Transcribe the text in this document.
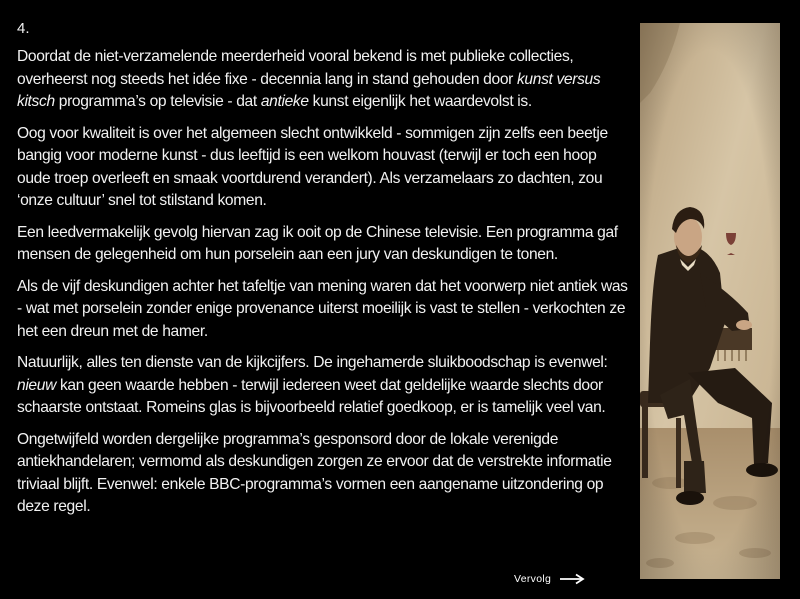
4.

Doordat de niet-verzamelende meerderheid vooral bekend is met publieke collecties, overheerst nog steeds het idée fixe - decennia lang in stand gehouden door kunst versus kitsch programma’s op televisie - dat antieke kunst eigenlijk het waardevolst is.

Oog voor kwaliteit is over het algemeen slecht ontwikkeld - sommigen zijn zelfs een beetje bangig voor moderne kunst - dus leeftijd is een welkom houvast (terwijl er toch een hoop oude troep overleeft en smaak voortdurend verandert). Als verzamelaars zo dachten, zou ‘onze cultuur’ snel tot stilstand komen.

Een leedvermakelijk gevolg hiervan zag ik ooit op de Chinese televisie. Een programma gaf mensen de gelegenheid om hun porselein aan een jury van deskundigen te tonen.

Als de vijf deskundigen achter het tafeltje van mening waren dat het voorwerp niet antiek was - wat met porselein zonder enige provenance uiterst moeilijk is vast te stellen - verkochten ze het een dreun met de hamer.

Natuurlijk, alles ten dienste van de kijkcijfers. De ingehamerde sluikboodschap is evenwel: nieuw kan geen waarde hebben - terwijl iedereen weet dat geldelijke waarde slechts door schaarste ontstaat. Romeins glas is bijvoorbeeld relatief goedkoop, er is tamelijk veel van.

Ongetwijfeld worden dergelijke programma’s gesponsord door de lokale verenigde antiekhandelaren; vermomd als deskundigen zorgen ze ervoor dat de verstrekte informatie triviaal blijft. Evenwel: enkele BBC-programma’s vormen een aangename uitzondering op deze regel.

Vervolg
